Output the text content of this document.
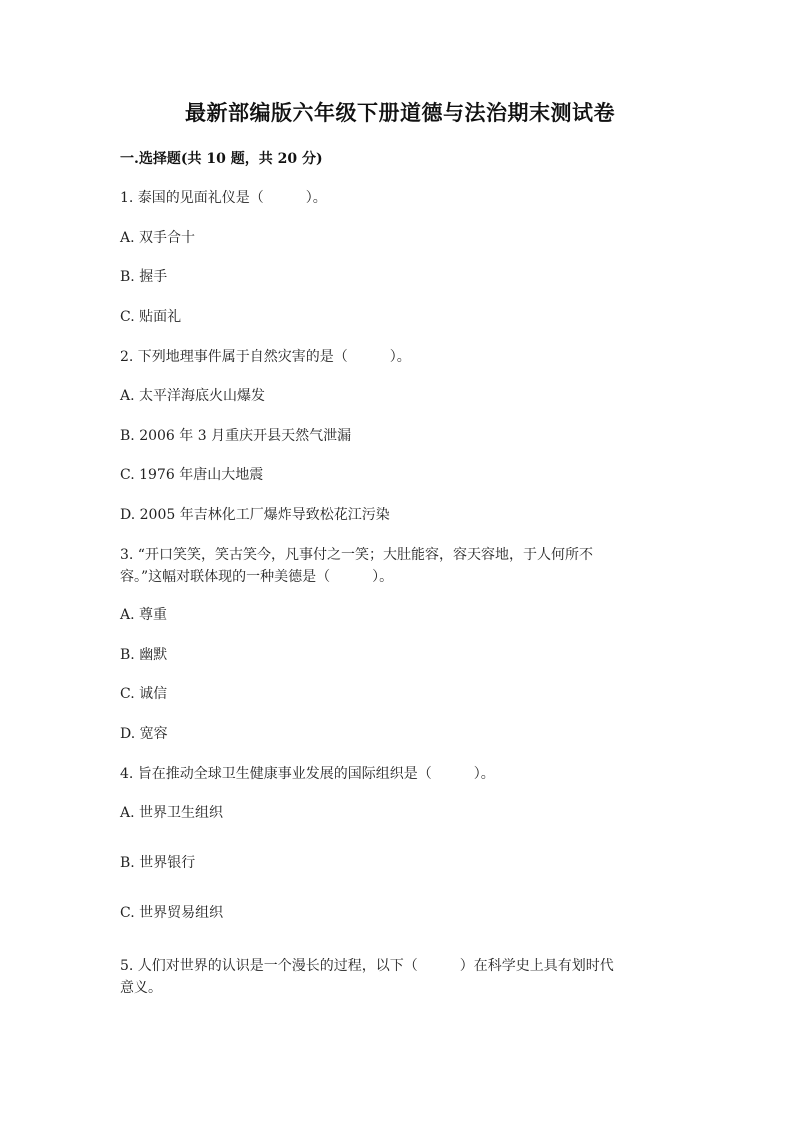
最新部编版六年级下册道德与法治期末测试卷
一.选择题(共 10 题，共 20 分)
1. 泰国的见面礼仪是（　　　）。
A. 双手合十
B. 握手
C. 贴面礼
2. 下列地理事件属于自然灾害的是（　　　）。
A. 太平洋海底火山爆发
B. 2006 年 3 月重庆开县天然气泄漏
C. 1976 年唐山大地震
D. 2005 年吉林化工厂爆炸导致松花江污染
3. “开口笑笑，笑古笑今，凡事付之一笑；大肚能容，容天容地，于人何所不
容。”这幅对联体现的一种美德是（　　　）。
A. 尊重
B. 幽默
C. 诚信
D. 宽容
4. 旨在推动全球卫生健康事业发展的国际组织是（　　　）。
A. 世界卫生组织
B. 世界银行
C. 世界贸易组织
5. 人们对世界的认识是一个漫长的过程，以下（　　　）在科学史上具有划时代
意义。
